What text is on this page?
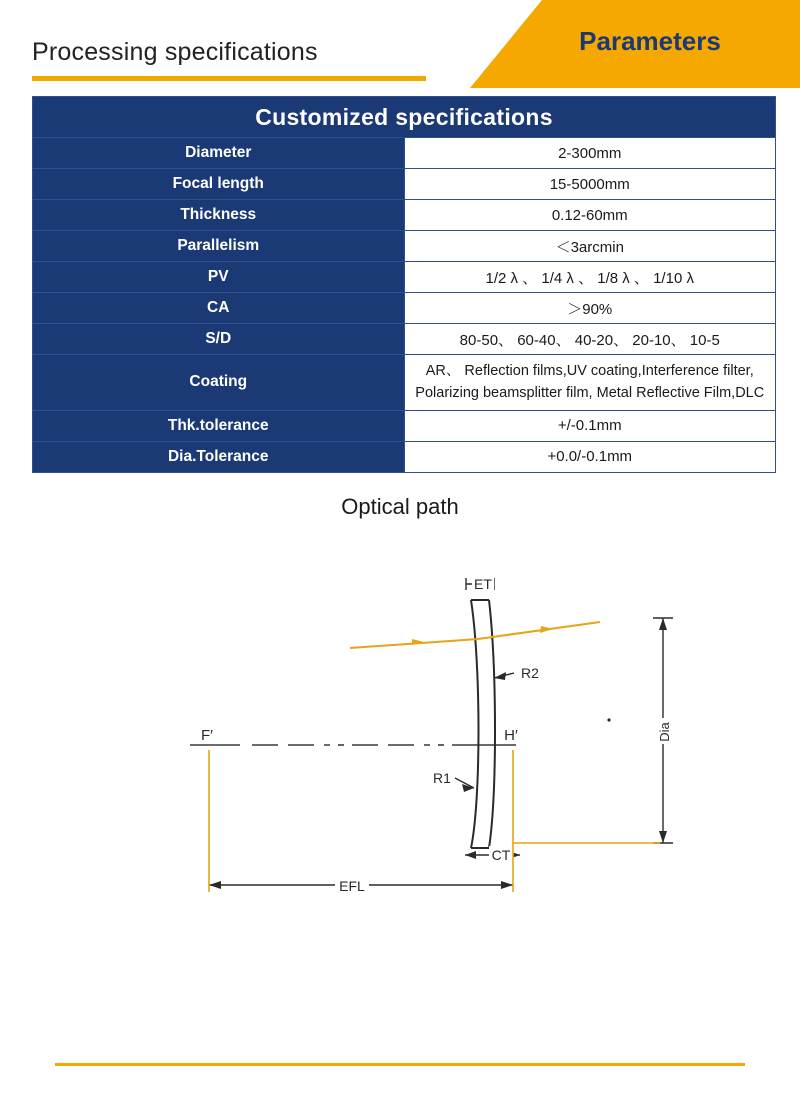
Parameters
Processing specifications
Customized specifications	
Diameter	2-300mm
Focal length	15-5000mm
Thickness	0.12-60mm
Parallelism	＜3arcmin
PV	1/2 λ 、 1/4 λ 、 1/8 λ 、 1/10 λ
CA	＞90%
S/D	80-50、 60-40、 40-20、 20-10、 10-5
Coating	AR、 Reflection films,UV coating,Interference filter,
Polarizing beamsplitter film, Metal Reflective Film,DLC

Thk.tolerance	+/-0.1mm
Dia.Tolerance	+0.0/-0.1mm
Optical path
ET
R2
R1
CT
F′	H′	Dia
EFL
